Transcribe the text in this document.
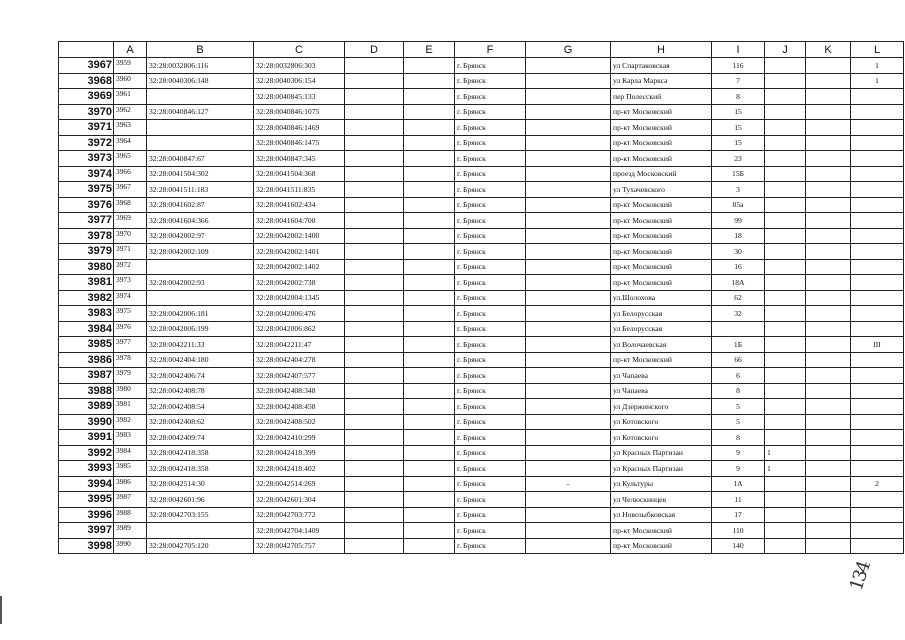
	A	B	C	D	E	F	G	H	I	J	K	L
3967	3959	32:28:0032806:116	32:28:0032806:303			г. Брянск		ул Спартаковская	116			1
3968	3960	32:28:0040306:148	32:28:0040306:154			г. Брянск		ул Карла Маркса	7			1
3969	3961		32:28:0040845:133			г. Брянск		пер Полесский	8			
3970	3962	32:28:0040846:127	32:28:0040846:1075			г. Брянск		пр-кт Московский	15			
3971	3963		32:28:0040846:1469			г. Брянск		пр-кт Московский	15			
3972	3964		32:28:0040846:1475			г. Брянск		пр-кт Московский	15			
3973	3965	32:28:0040847:67	32:28:0040847:345			г. Брянск		пр-кт Московский	23			
3974	3966	32:28:0041504:302	32:28:0041504:368			г. Брянск		проезд Московский	15Б			
3975	3967	32:28:0041511:183	32:28:0041511:835			г. Брянск		ул Тухачевского	3			
3976	3968	32:28:0041602:87	32:28:0041602:434			г. Брянск		пр-кт Московский	85а			
3977	3969	32:28:0041604:366	32:28:0041604:708			г. Брянск		пр-кт Московский	99			
3978	3970	32:28:0042002:97	32:28:0042002:1400			г. Брянск		пр-кт Московский	18			
3979	3971	32:28:0042002:109	32:28:0042002:1401			г. Брянск		пр-кт Московский	30			
3980	3972		32:28:0042002:1402			г. Брянск		пр-кт Московский	16			
3981	3973	32:28:0042002:93	32:28:0042002:738			г. Брянск		пр-кт Московский	18А			
3982	3974		32:28:0042004:1345			г. Брянск		ул.Шолохова	62			
3983	3975	32:28:0042006:181	32:28:0042006:476			г. Брянск		ул Белорусская	32			
3984	3976	32:28:0042006:199	32:28:0042006:862			г. Брянск		ул Белорусская				
3985	3977	32:28:0042211:33	32:28:0042211:47			г. Брянск		ул Волочаевская	1Б			III
3986	3978	32:28:0042404:180	32:28:0042404:278			г. Брянск		пр-кт Московский	66			
3987	3979	32:28:0042406:74	32:28:0042407:577			г. Брянск		ул Чапаева	6			
3988	3980	32:28:0042408:78	32:28:0042408:348			г. Брянск		ул Чапаева	8			
3989	3981	32:28:0042408:54	32:28:0042408:458			г. Брянск		ул Дзержинского	5			
3990	3982	32:28:0042408:62	32:28:0042408:502			г. Брянск		ул Котовского	5			
3991	3983	32:28:0042409:74	32:28:0042410:299			г. Брянск		ул Котовского	8			
3992	3984	32:28:0042418:358	32:28:0042418:399			г. Брянск		ул Красных Партизан	9	1		
3993	3985	32:28:0042418:358	32:28:0042418:402			г. Брянск		ул Красных Партизан	9	1		
3994	3986	32:28:0042514:30	32:28:0042514:269			г. Брянск	-	ул Культуры	1А			2
3995	3987	32:28:0042601:96	32:28:0042601:304			г. Брянск		ул Челюскинцев	11			
3996	3988	32:28:0042703:155	32:28:0042703:772			г. Брянск		ул Новозыбковская	17			
3997	3989		32:28:0042704:1409			г. Брянск		пр-кт Московский	110			
3998	3990	32:28:0042705:120	32:28:0042705:757			г. Брянск		пр-кт Московский	140			
134
